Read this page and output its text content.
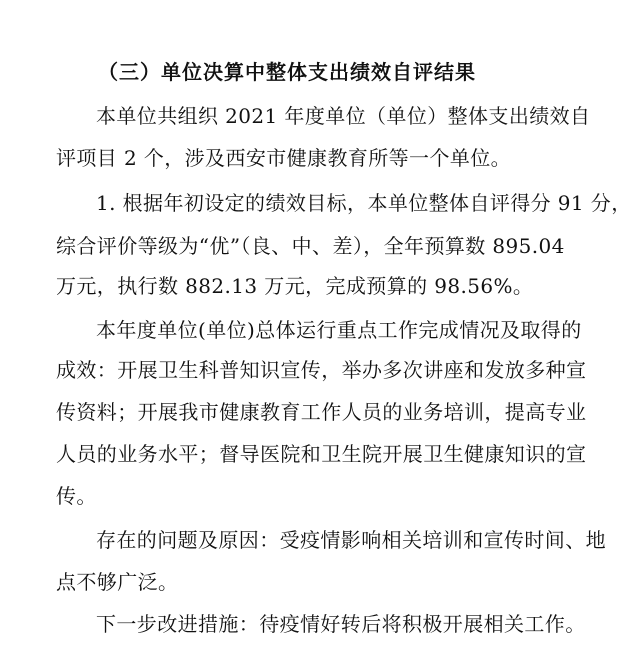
（三）单位决算中整体支出绩效自评结果
本单位共组织 2021 年度单位（单位）整体支出绩效自
评项目 2 个，涉及西安市健康教育所等一个单位。
1. 根据年初设定的绩效目标，本单位整体自评得分 91 分，
综合评价等级为“优”（良、中、差），全年预算数 895.04
万元，执行数 882.13 万元，完成预算的 98.56%。
本年度单位(单位)总体运行重点工作完成情况及取得的
成效：开展卫生科普知识宣传，举办多次讲座和发放多种宣
传资料；开展我市健康教育工作人员的业务培训，提高专业
人员的业务水平；督导医院和卫生院开展卫生健康知识的宣
传。
存在的问题及原因：受疫情影响相关培训和宣传时间、地
点不够广泛。
下一步改进措施：待疫情好转后将积极开展相关工作。
